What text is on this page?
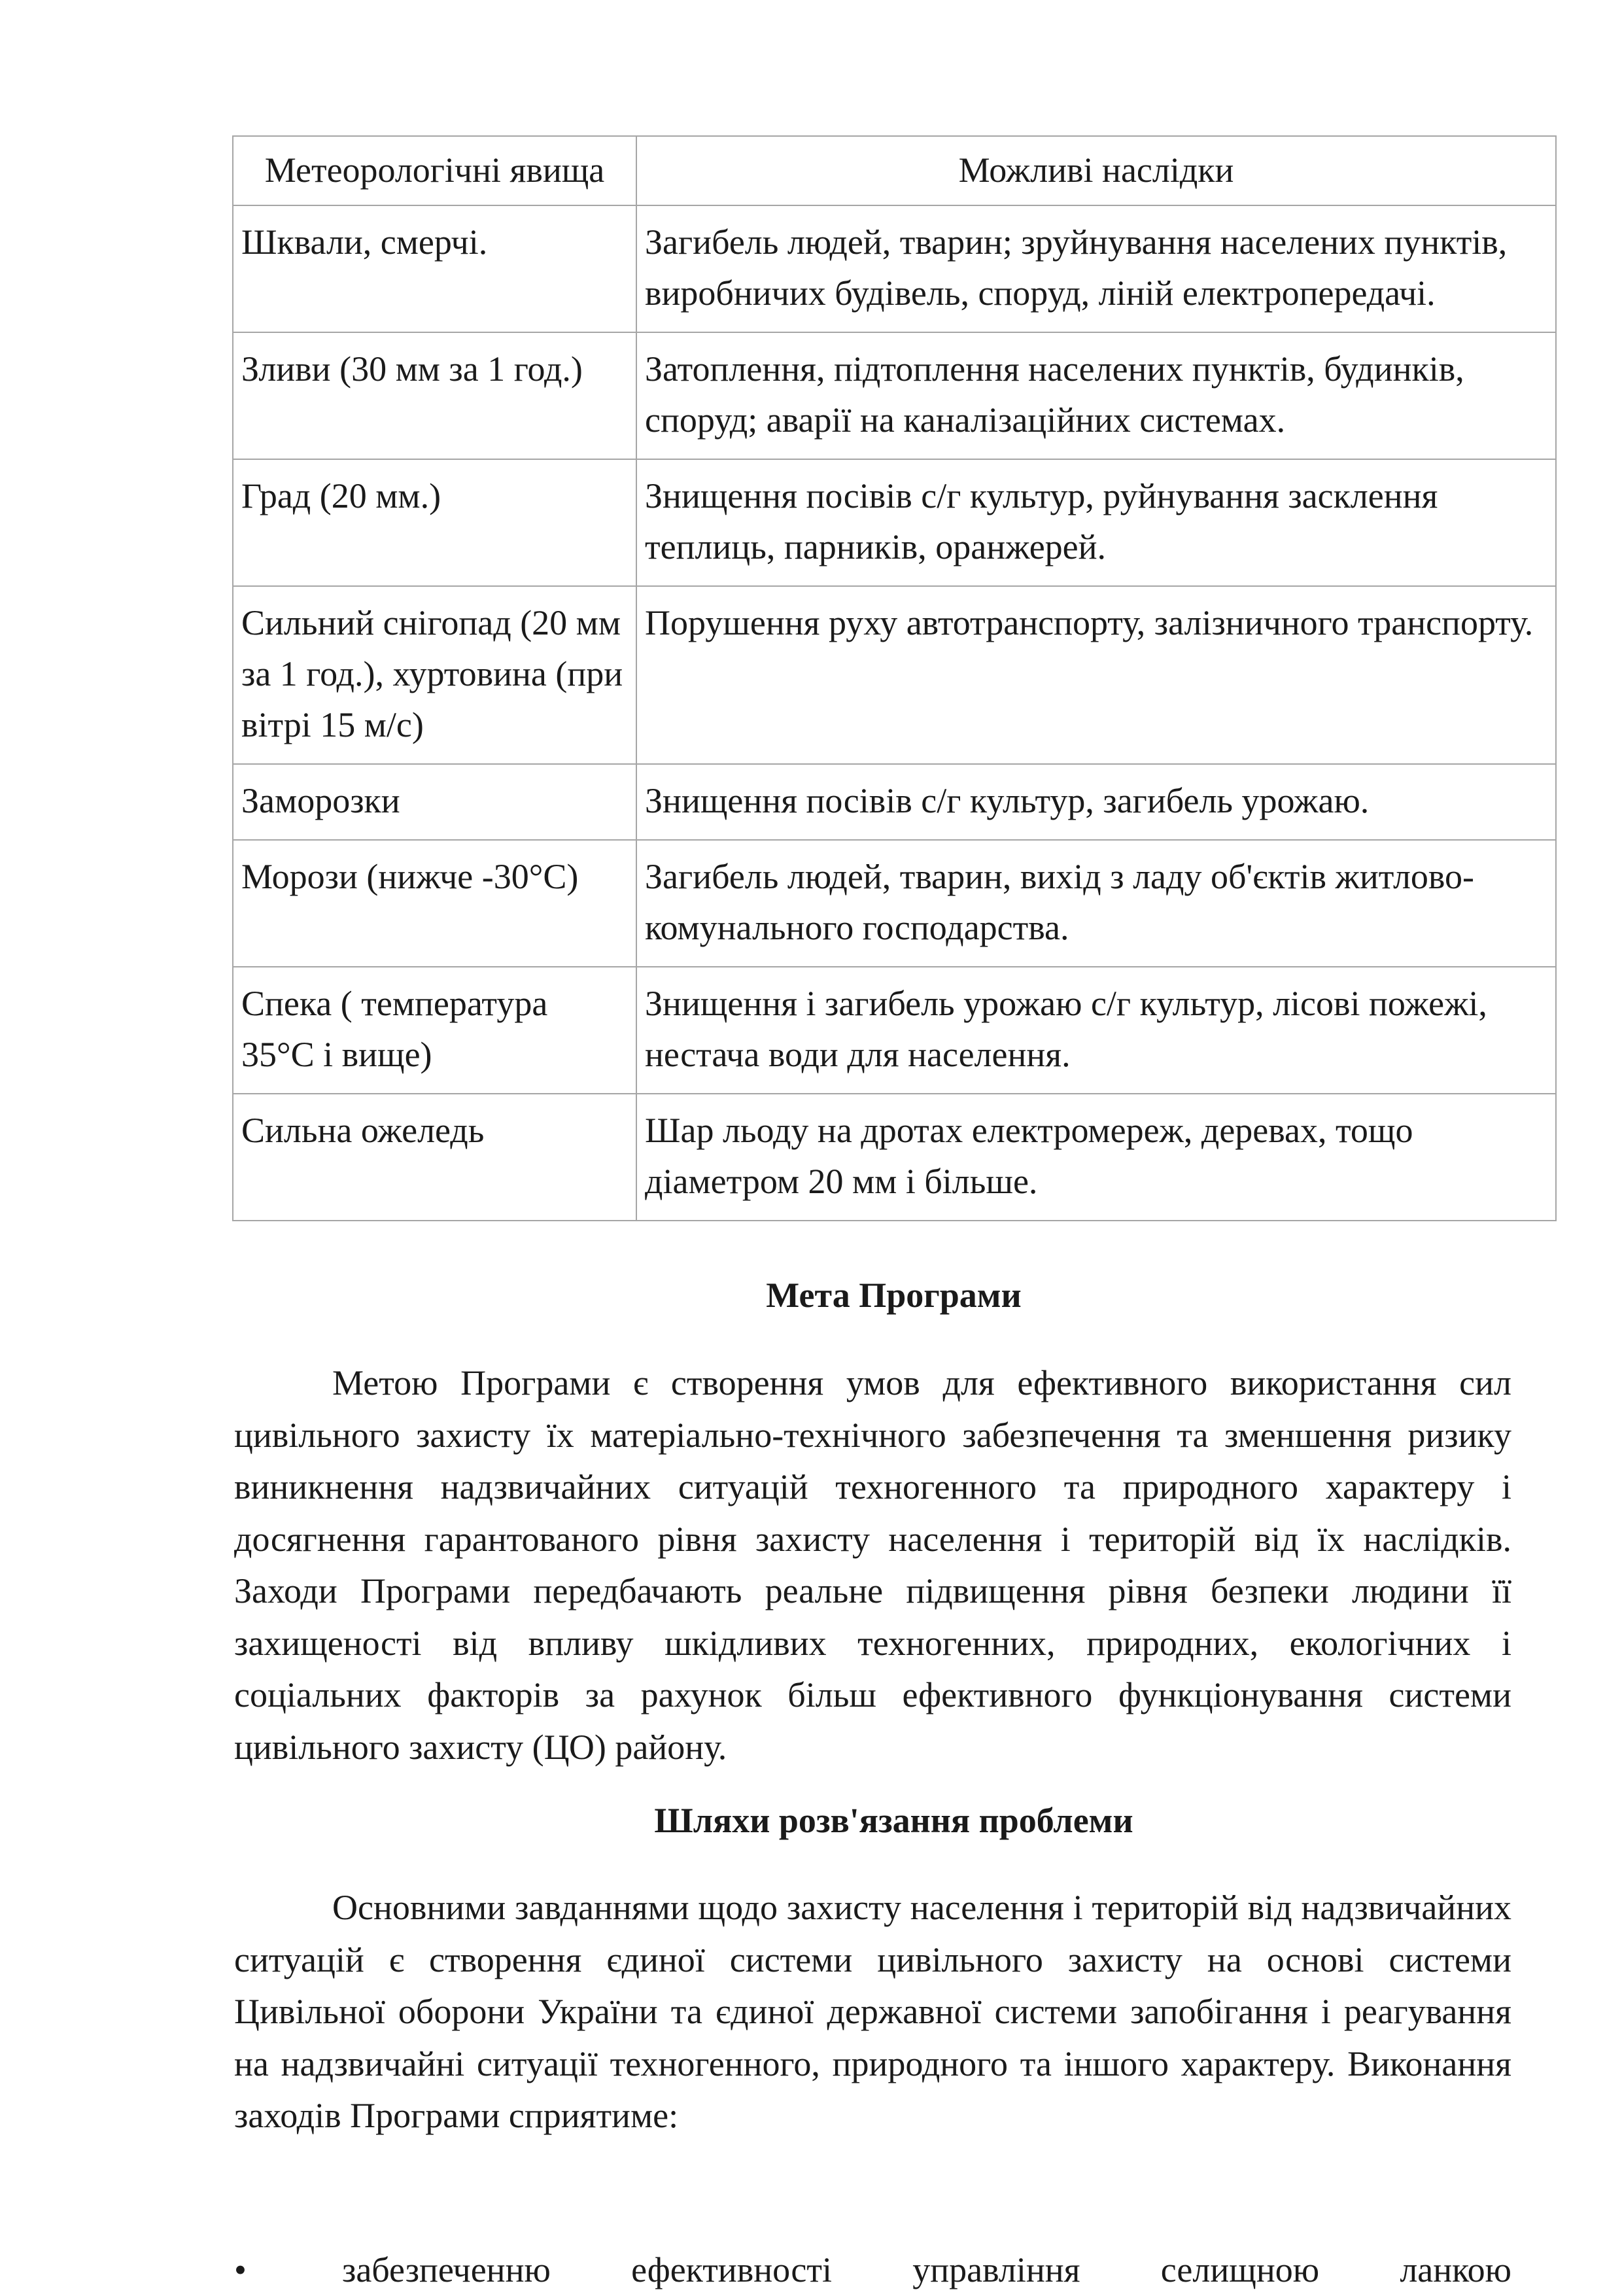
Метеорологічні явища	Можливі наслідки
Шквали, смерчі.	Загибель людей, тварин; зруйнування населених пунктів, виробничих будівель, споруд, ліній електропередачі.
Зливи (30 мм за 1 год.)	Затоплення, підтоплення населених пунктів, будинків, споруд; аварії на каналізаційних системах.
Град (20 мм.)	Знищення посівів с/г культур, руйнування засклення теплиць, парників, оранжерей.
Сильний снігопад (20 мм за 1 год.), хуртовина (при вітрі 15 м/с)	Порушення руху автотранспорту, залізничного транспорту.
Заморозки	Знищення посівів с/г культур, загибель урожаю.
Морози (нижче -30°С)	Загибель людей, тварин, вихід з ладу об'єктів житлово-комунального господарства.
Спека ( температура 35°С і вище)	Знищення і загибель урожаю с/г культур, лісові пожежі, нестача води для населення.
Сильна ожеледь	Шар льоду на дротах електромереж, деревах, тощо діаметром 20 мм і більше.
Мета Програми

Метою Програми є створення умов для ефективного використання сил цивільного захисту їх матеріально-технічного забезпечення та зменшення ризику виникнення надзвичайних ситуацій техногенного та природного характеру і досягнення гарантованого рівня захисту населення і територій від їх наслідків. Заходи Програми передбачають реальне підвищення рівня безпеки людини її захищеності від впливу шкідливих техногенних, природних, екологічних і соціальних факторів за рахунок більш ефективного функціонування системи цивільного захисту (ЦО) району.

Шляхи розв'язання проблеми

Основними завданнями щодо захисту населення і територій від надзвичайних ситуацій є створення єдиної системи цивільного захисту на основі системи Цивільної оборони України та єдиної державної системи запобігання і реагування на надзвичайні ситуації техногенного, природного та іншого характеру. Виконання заходів Програми сприятиме:

•	забезпеченню ефективності управління селищною ланкою
